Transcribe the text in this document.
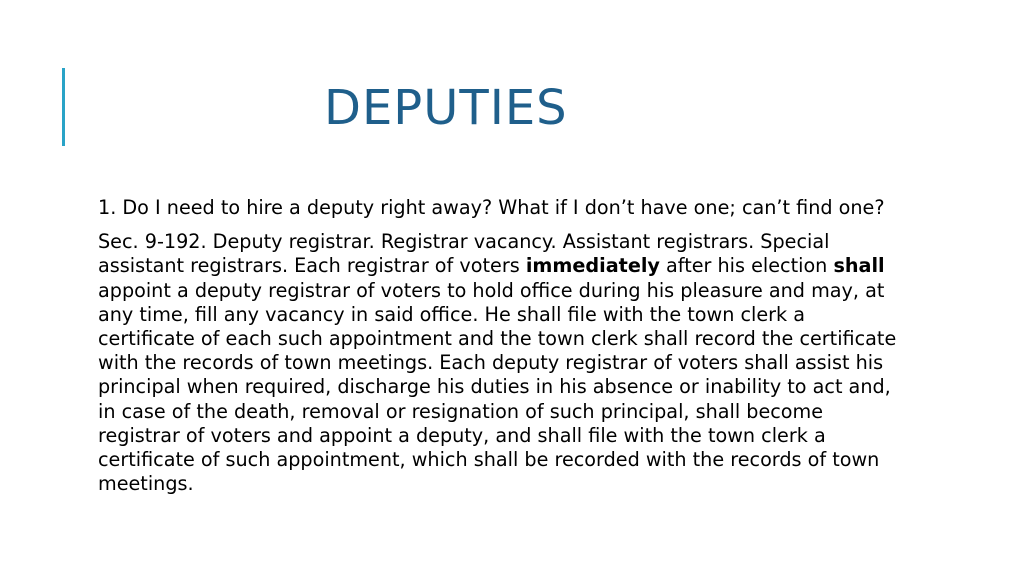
DEPUTIES

1. Do I need to hire a deputy right away? What if I don’t have one; can’t find one?

Sec. 9-192. Deputy registrar. Registrar vacancy. Assistant registrars. Special assistant registrars. Each registrar of voters immediately after his election shall appoint a deputy registrar of voters to hold office during his pleasure and may, at any time, fill any vacancy in said office. He shall file with the town clerk a certificate of each such appointment and the town clerk shall record the certificate with the records of town meetings. Each deputy registrar of voters shall assist his principal when required, discharge his duties in his absence or inability to act and, in case of the death, removal or resignation of such principal, shall become registrar of voters and appoint a deputy, and shall file with the town clerk a certificate of such appointment, which shall be recorded with the records of town meetings.
